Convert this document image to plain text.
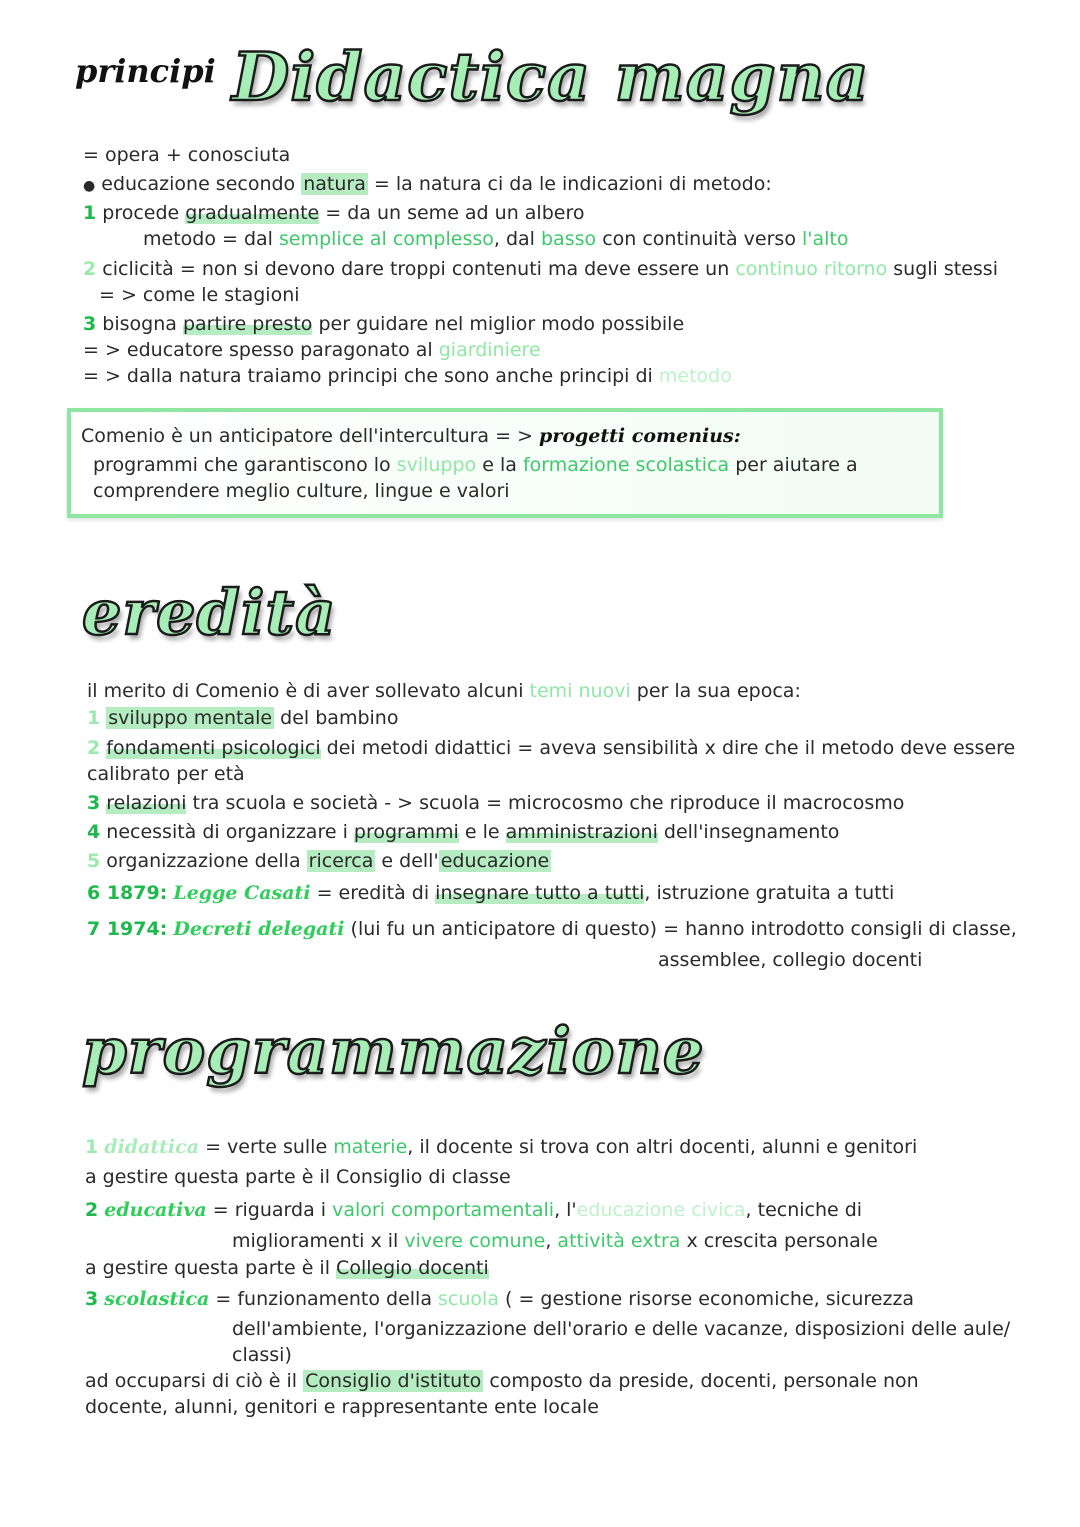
principi Didactica magna
= opera + conosciuta
● educazione secondo natura = la natura ci da le indicazioni di metodo:
1 procede gradualmente = da un seme ad un albero
metodo = dal semplice al complesso, dal basso con continuità verso l'alto
2 ciclicità = non si devono dare troppi contenuti ma deve essere un continuo ritorno sugli stessi
= > come le stagioni
3 bisogna partire presto per guidare nel miglior modo possibile
= > educatore spesso paragonato al giardiniere
= > dalla natura traiamo principi che sono anche principi di metodo
Comenio è un anticipatore dell'intercultura = > progetti comenius:
programmi che garantiscono lo sviluppo e la formazione scolastica per aiutare a
comprendere meglio culture, lingue e valori
eredità
il merito di Comenio è di aver sollevato alcuni temi nuovi per la sua epoca:
1 sviluppo mentale del bambino
2 fondamenti psicologici dei metodi didattici = aveva sensibilità x dire che il metodo deve essere
calibrato per età
3 relazioni tra scuola e società - > scuola = microcosmo che riproduce il macrocosmo
4 necessità di organizzare i programmi e le amministrazioni dell'insegnamento
5 organizzazione della ricerca e dell' educazione
6 1879: Legge Casati = eredità di insegnare tutto a tutti, istruzione gratuita a tutti
7 1974: Decreti delegati (lui fu un anticipatore di questo) = hanno introdotto consigli di classe,
assemblee, collegio docenti
programmazione
1 didattica = verte sulle materie, il docente si trova con altri docenti, alunni e genitori
a gestire questa parte è il Consiglio di classe
2 educativa = riguarda i valori comportamentali, l'educazione civica, tecniche di
miglioramenti x il vivere comune, attività extra x crescita personale
a gestire questa parte è il Collegio docenti
3 scolastica = funzionamento della scuola ( = gestione risorse economiche, sicurezza
dell'ambiente, l'organizzazione dell'orario e delle vacanze, disposizioni delle aule/
classi)
ad occuparsi di ciò è il Consiglio d'istituto composto da preside, docenti, personale non
docente, alunni, genitori e rappresentante ente locale
